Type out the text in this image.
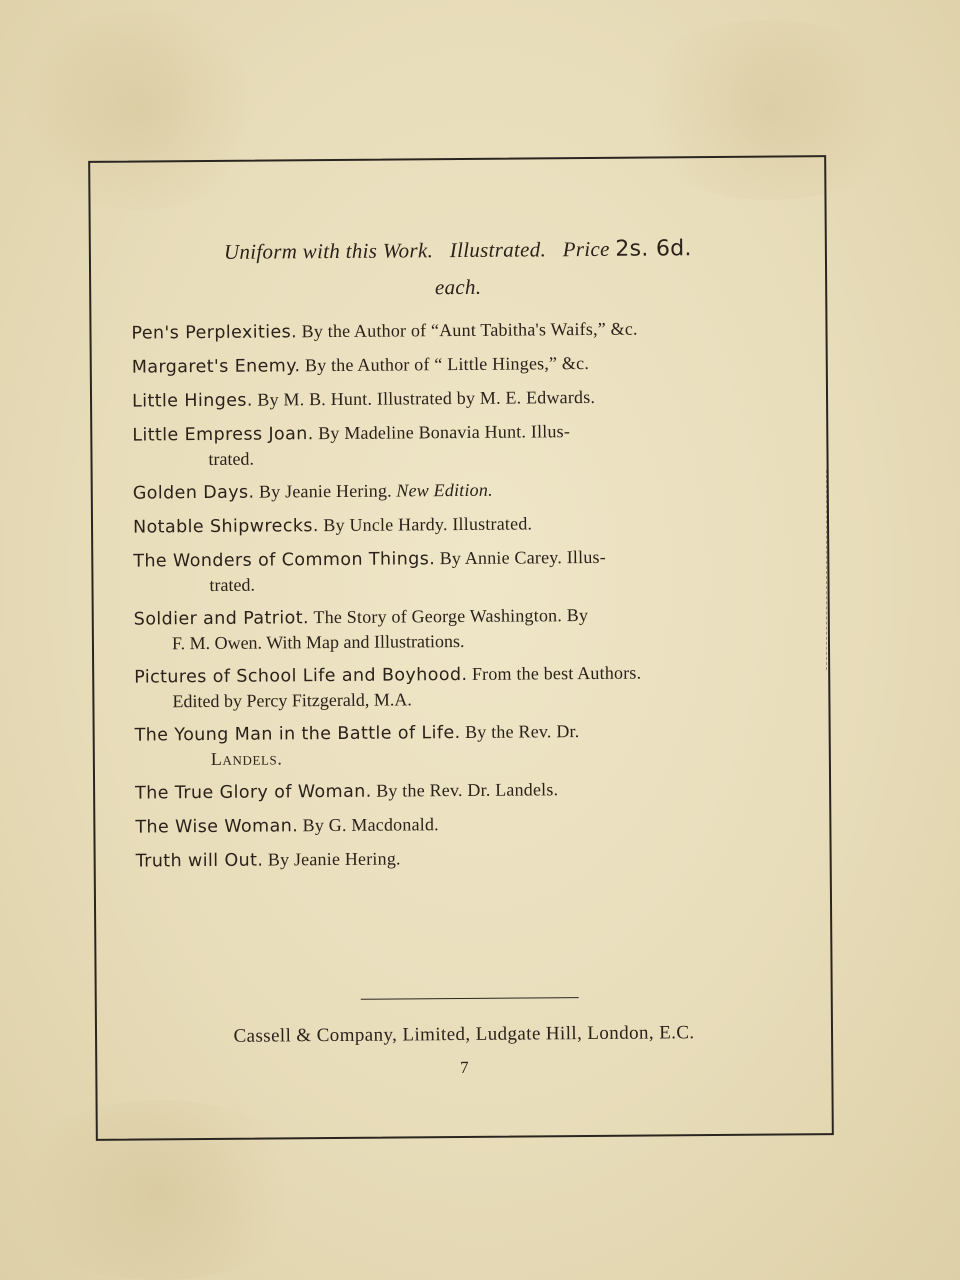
Uniform with this Work. Illustrated. Price 2s. 6d.
each.
Pen's Perplexities. By the Author of “Aunt Tabitha's Waifs,” &c.
Margaret's Enemy. By the Author of “ Little Hinges,” &c.
Little Hinges. By M. B. Hunt. Illustrated by M. E. Edwards.
Little Empress Joan. By Madeline Bonavia Hunt. Illus-
trated.
Golden Days. By Jeanie Hering. New Edition.
Notable Shipwrecks. By Uncle Hardy. Illustrated.
The Wonders of Common Things. By Annie Carey. Illus-
trated.
Soldier and Patriot. The Story of George Washington. By
F. M. Owen. With Map and Illustrations.
Pictures of School Life and Boyhood. From the best Authors.
Edited by Percy Fitzgerald, M.A.
The Young Man in the Battle of Life. By the Rev. Dr.
Landels.
The True Glory of Woman. By the Rev. Dr. Landels.
The Wise Woman. By G. Macdonald.
Truth will Out. By Jeanie Hering.
Cassell & Company, Limited, Ludgate Hill, London, E.C.
7
